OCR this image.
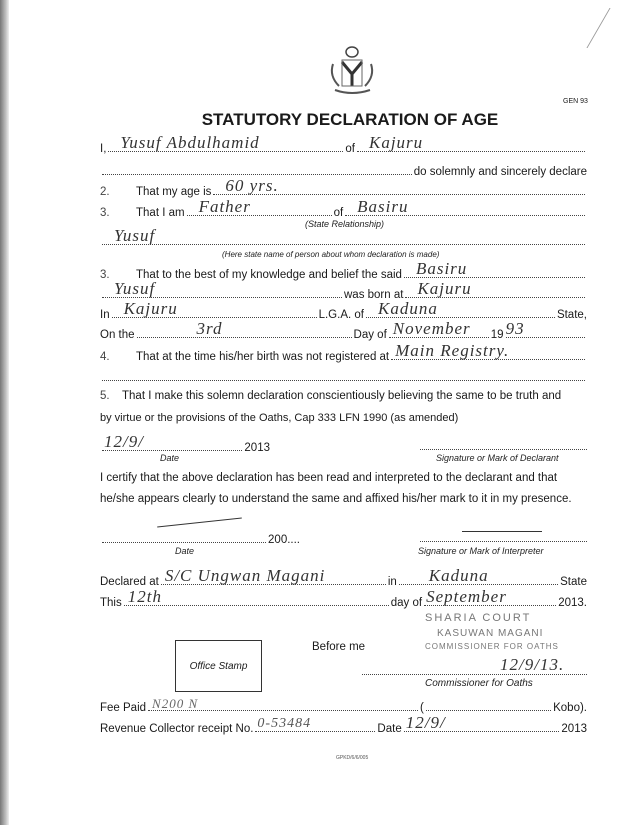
GEN 93
STATUTORY DECLARATION OF AGE
I, Yusuf Abdulhamid	of Kajuru
do solemnly and sincerely declare
2.	That my age is 60 yrs.
3.	That I am Father	of Basiru
(State Relationship)
Yusuf
(Here state name of person about whom declaration is made)
3.	That to the best of my knowledge and belief the said Basiru
Yusuf	was born at Kajuru
In Kajuru	L.G.A. of Kaduna	State,
On the	3rd	Day of November 19 93
4.	That at the time his/her birth was not registered at Main Registry.
5.	That I make this solemn declaration conscientiously believing the same to be truth and
by virtue or the provisions of the Oaths, Cap 333 LFN 1990 (as amended)
12/9/	2013
Date	Signature or Mark of Declarant
I certify that the above declaration has been read and interpreted to the declarant and that
he/she appears clearly to understand the same and affixed his/her mark to it in my presence.
200....
Date	Signature or Mark of Interpreter
Declared at S/C Ungwan Magani	in Kaduna	State
This 12th	day of September	2013.
SHARIA COURT
KASUWAN MAGANI
COMMISSIONER FOR OATHS
12/9/13.
Office Stamp
Before me
Commissioner for Oaths
Fee Paid N200 N	(	Kobo).
Revenue Collector receipt No. 0-53484	Date 12/9/	2013
GPKD/6/6/005
